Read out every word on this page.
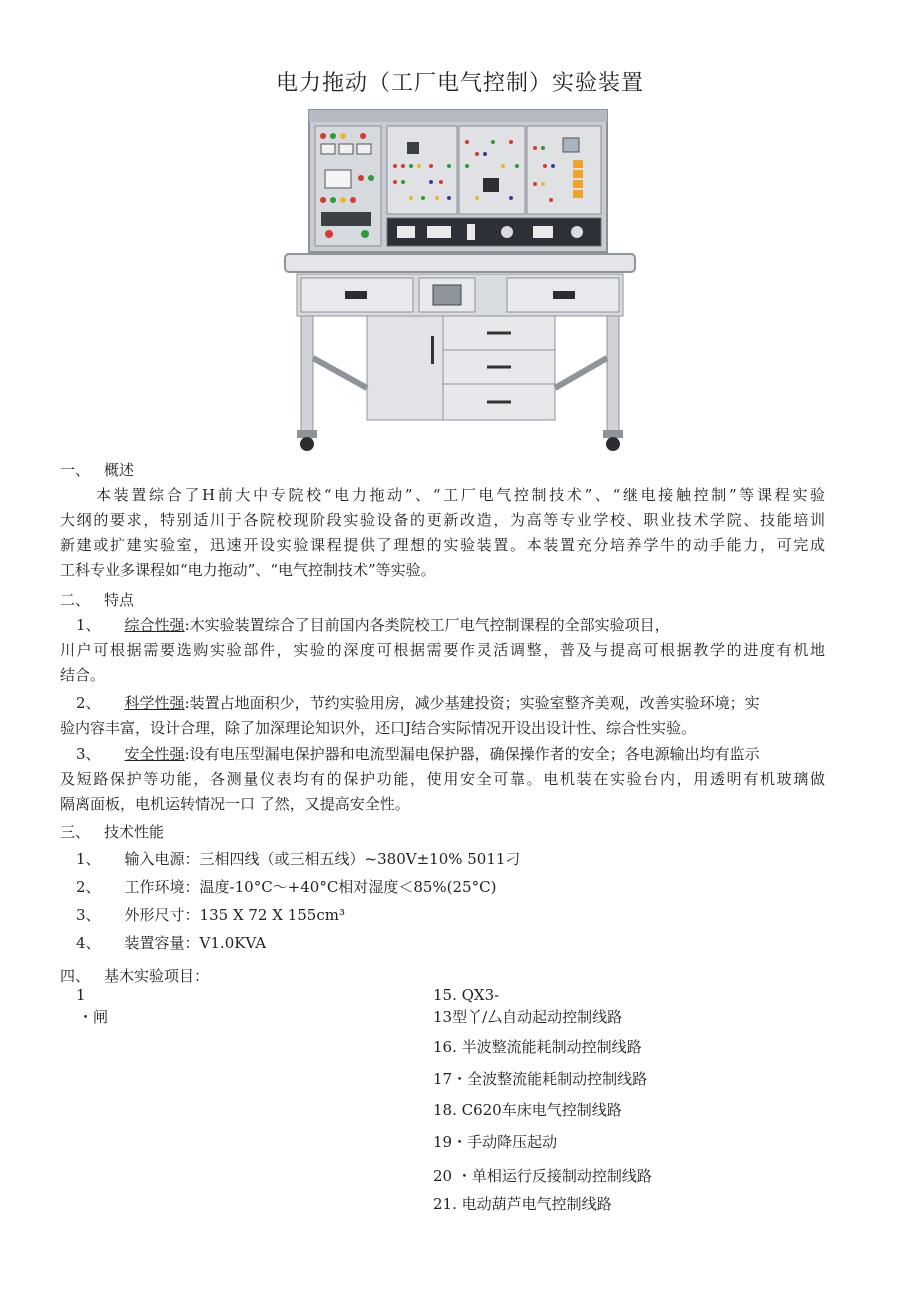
电力拖动（工厂电气控制）实验装置
一、 概述
本装置综合了H前大中专院校“电力拖动”、“工厂电气控制技术”、“继电接触控制”等课程实验
大纲的要求，特别适川于各院校现阶段实验设备的更新改造，为高等专业学校、职业技术学院、技能培训
新建或扩建实验室，迅速开设实验课程提供了理想的实验装置。本装置充分培养学牛的动手能力，可完成
工科专业多课程如“电力拖动”、“电气控制技术”等实验。
二、 特点
1、 综合性强:木实验装置综合了目前国内各类院校工厂电气控制课程的全部实验项目，
川户可根据需要选购实验部件，实验的深度可根据需要作灵活调整，普及与提高可根据教学的进度有机地
结合。
2、 科学性强:装置占地面积少，节约实验用房，减少基建投资；实验室整齐美观，改善实验环境；实
验内容丰富，设计合理，除了加深理论知识外，还口J结合实际情况开设出设计性、综合性实验。
3、 安全性强:设有电压型漏电保护器和电流型漏电保护器，确保操作者的安全；各电源输出均有监示
及短路保护等功能，各测量仪表均有的保护功能，使用安全可靠。电机装在实验台内，用透明有机玻璃做
隔离面板，电机运转情况一口 了然，又提高安全性。
三、 技术性能
1、 输入电源：三相四线（或三相五线）~380V±10% 5011刁
2、 工作环境：温度-10°C～+40°C相对湿度＜85%(25°C)
3、 外形尺寸：135 X 72 X 155cm³
4、 装置容量：V1.0KVA
四、 基木实验项目：
1
・闸
15. QX3-
13型丫/厶自动起动控制线路
16. 半波整流能耗制动控制线路
17・全波整流能耗制动控制线路
18. C620车床电气控制线路
19・手动降压起动
20 ・单相运行反接制动控制线路
21. 电动葫芦电气控制线路
